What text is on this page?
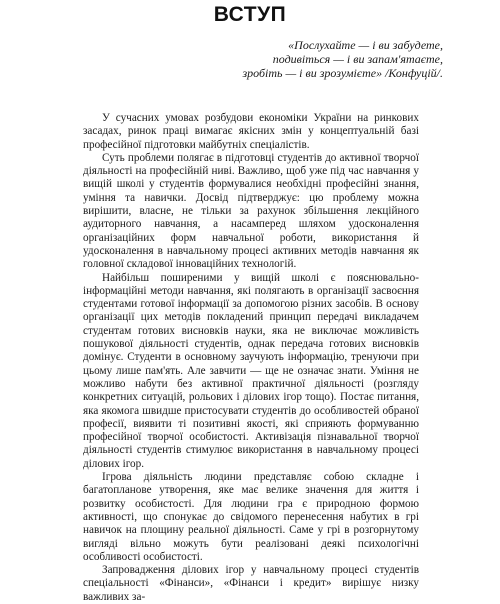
ВСТУП
«Послухайте — і ви забудете,
подивіться — і ви запам'ятаєте,
зробіть — і ви зрозумієте» /Конфуцій/.

У сучасних умовах розбудови економіки України на ринкових засадах, ринок праці вимагає якісних змін у концептуальній базі професійної підготовки майбутніх спеціалістів.

Суть проблеми полягає в підготовці студентів до активної творчої діяльності на професійній ниві. Важливо, щоб уже під час навчання у вищій школі у студентів формувалися необхідні професійні знання, уміння та навички. Досвід підтверджує: цю проблему можна вирішити, власне, не тільки за рахунок збільшення лекційного аудиторного навчання, а насамперед шляхом удосконалення організаційних форм навчальної роботи, використання й удосконалення в навчальному процесі активних методів навчання як головної складової інноваційних технологій.

Найбільш поширеними у вищій школі є пояснювально-інформаційні методи навчання, які полягають в організації засвоєння студентами готової інформації за допомогою різних засобів. В основу організації цих методів покладений принцип передачі викладачем студентам готових висновків науки, яка не виключає можливість пошукової діяльності студентів, однак передача готових висновків домінує. Студенти в основному заучують інформацію, тренуючи при цьому лише пам'ять. Але завчити — ще не означає знати. Уміння не можливо набути без активної практичної діяльності (розгляду конкретних ситуацій, рольових і ділових ігор тощо). Постає питання, яка якомога швидше пристосувати студентів до особливостей обраної професії, виявити ті позитивні якості, які сприяють формуванню професійної творчої особистості. Активізація пізнавальної творчої діяльності студентів стимулює використання в навчальному процесі ділових ігор.

Ігрова діяльність людини представляє собою складне і багатопланове утворення, яке має велике значення для життя і розвитку особистості. Для людини гра є природною формою активності, що спонукає до свідомого перенесення набутих в грі навичок на площину реальної діяльності. Саме у грі в розгорнутому вигляді вільно можуть бути реалізовані деякі психологічні особливості особистості.

Запровадження ділових ігор у навчальному процесі студентів спеціальності «Фінанси», «Фінанси і кредит» вирішує низку важливих за-
